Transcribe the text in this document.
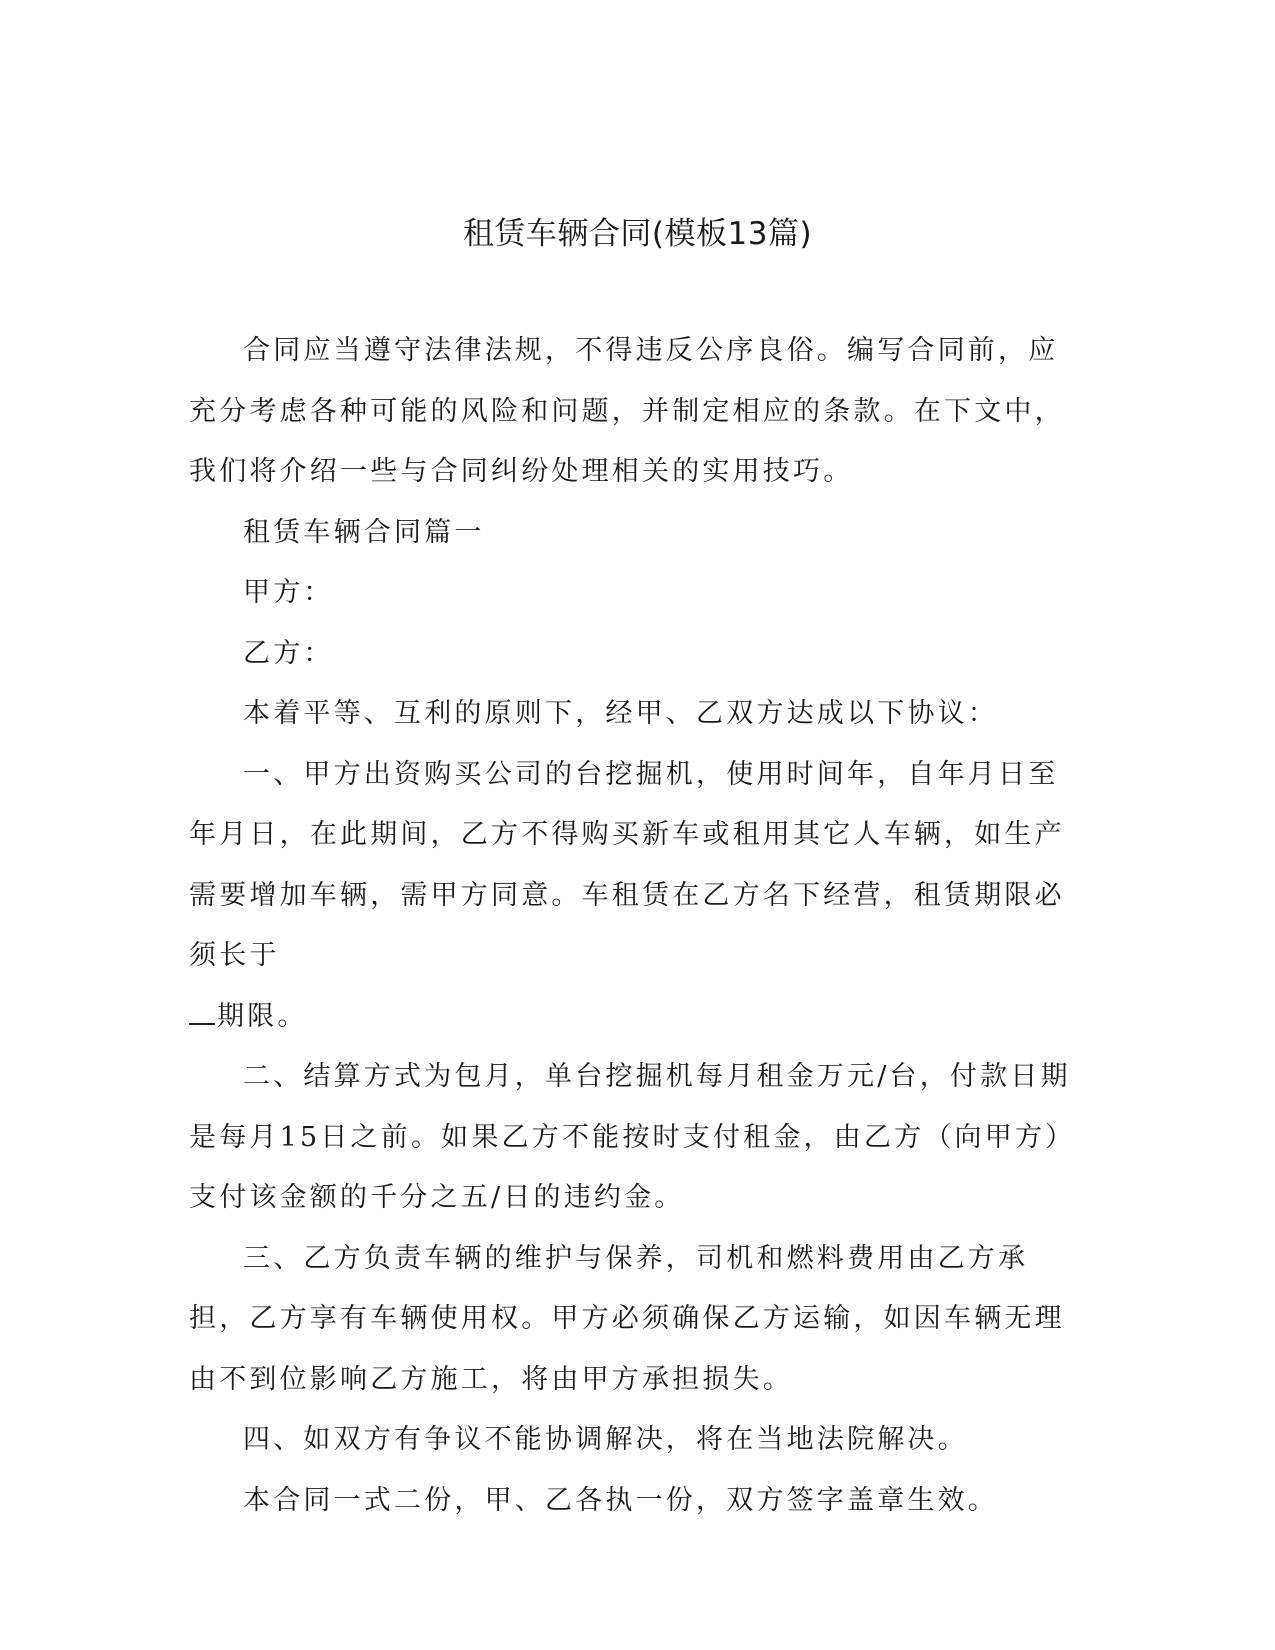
租赁车辆合同(模板13篇)

合同应当遵守法律法规，不得违反公序良俗。编写合同前，应充分考虑各种可能的风险和问题，并制定相应的条款。在下文中，我们将介绍一些与合同纠纷处理相关的实用技巧。

租赁车辆合同篇一

甲方：

乙方：

本着平等、互利的原则下，经甲、乙双方达成以下协议：

一、甲方出资购买公司的台挖掘机，使用时间年，自年月日至年月日，在此期间，乙方不得购买新车或租用其它人车辆，如生产需要增加车辆，需甲方同意。车租赁在乙方名下经营，租赁期限必须长于

期限。

二、结算方式为包月，单台挖掘机每月租金万元/台，付款日期是每月15日之前。如果乙方不能按时支付租金，由乙方（向甲方）支付该金额的千分之五/日的违约金。

三、乙方负责车辆的维护与保养，司机和燃料费用由乙方承担，乙方享有车辆使用权。甲方必须确保乙方运输，如因车辆无理由不到位影响乙方施工，将由甲方承担损失。

四、如双方有争议不能协调解决，将在当地法院解决。

本合同一式二份，甲、乙各执一份，双方签字盖章生效。
